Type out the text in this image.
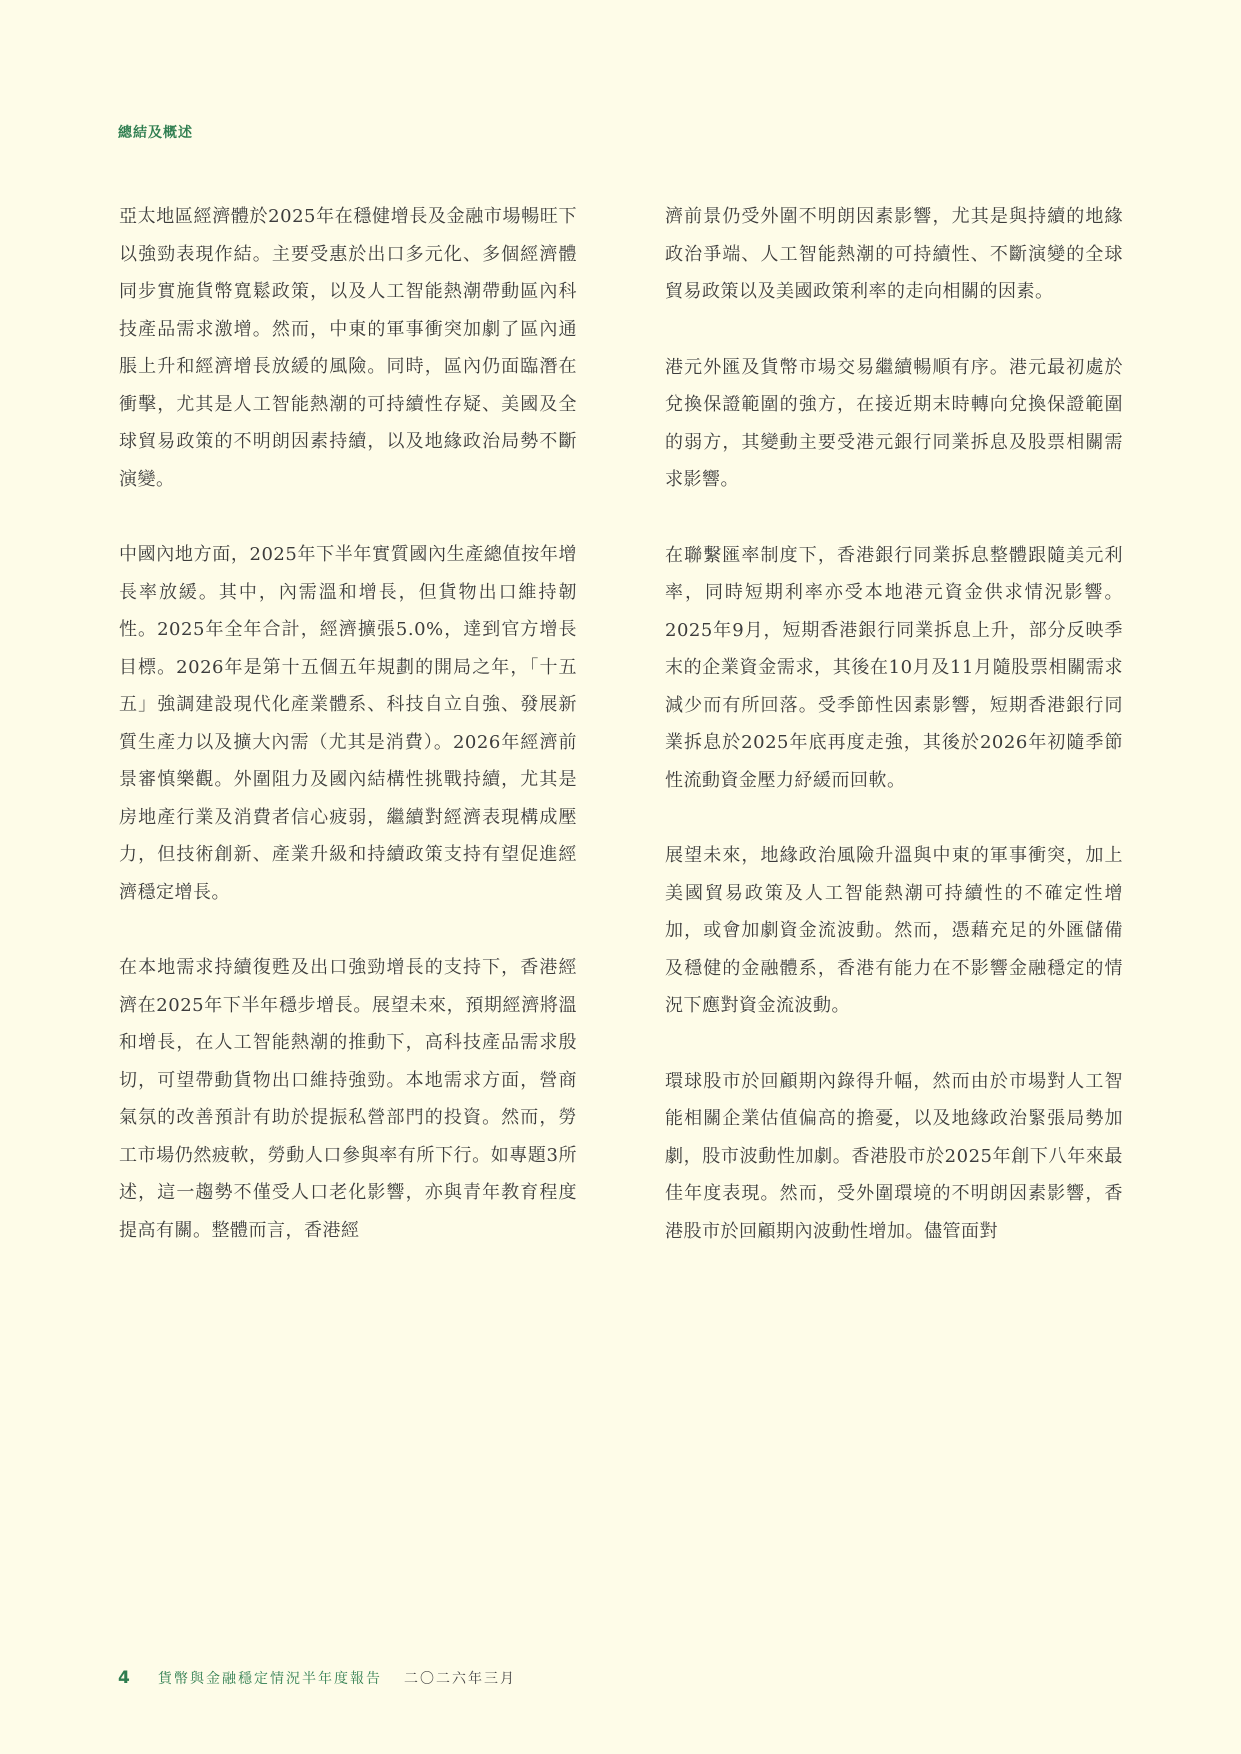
總結及概述

亞太地區經濟體於2025年在穩健增長及金融市場暢旺下以強勁表現作結。主要受惠於出口多元化、多個經濟體同步實施貨幣寬鬆政策，以及人工智能熱潮帶動區內科技產品需求激增。然而，中東的軍事衝突加劇了區內通脹上升和經濟增長放緩的風險。同時，區內仍面臨潛在衝擊，尤其是人工智能熱潮的可持續性存疑、美國及全球貿易政策的不明朗因素持續，以及地緣政治局勢不斷演變。

中國內地方面，2025年下半年實質國內生產總值按年增長率放緩。其中，內需溫和增長，但貨物出口維持韌性。2025年全年合計，經濟擴張5.0%，達到官方增長目標。2026年是第十五個五年規劃的開局之年，「十五五」強調建設現代化產業體系、科技自立自強、發展新質生產力以及擴大內需（尤其是消費）。2026年經濟前景審慎樂觀。外圍阻力及國內結構性挑戰持續，尤其是房地產行業及消費者信心疲弱，繼續對經濟表現構成壓力，但技術創新、產業升級和持續政策支持有望促進經濟穩定增長。

在本地需求持續復甦及出口強勁增長的支持下，香港經濟在2025年下半年穩步增長。展望未來，預期經濟將溫和增長，在人工智能熱潮的推動下，高科技產品需求殷切，可望帶動貨物出口維持強勁。本地需求方面，營商氣氛的改善預計有助於提振私營部門的投資。然而，勞工市場仍然疲軟，勞動人口參與率有所下行。如專題3所述，這一趨勢不僅受人口老化影響，亦與青年教育程度提高有關。整體而言，香港經

濟前景仍受外圍不明朗因素影響，尤其是與持續的地緣政治爭端、人工智能熱潮的可持續性、不斷演變的全球貿易政策以及美國政策利率的走向相關的因素。

港元外匯及貨幣市場交易繼續暢順有序。港元最初處於兌換保證範圍的強方，在接近期末時轉向兌換保證範圍的弱方，其變動主要受港元銀行同業拆息及股票相關需求影響。

在聯繫匯率制度下，香港銀行同業拆息整體跟隨美元利率，同時短期利率亦受本地港元資金供求情況影響。2025年9月，短期香港銀行同業拆息上升，部分反映季末的企業資金需求，其後在10月及11月隨股票相關需求減少而有所回落。受季節性因素影響，短期香港銀行同業拆息於2025年底再度走強，其後於2026年初隨季節性流動資金壓力紓緩而回軟。

展望未來，地緣政治風險升溫與中東的軍事衝突，加上美國貿易政策及人工智能熱潮可持續性的不確定性增加，或會加劇資金流波動。然而，憑藉充足的外匯儲備及穩健的金融體系，香港有能力在不影響金融穩定的情況下應對資金流波動。

環球股市於回顧期內錄得升幅，然而由於市場對人工智能相關企業估值偏高的擔憂，以及地緣政治緊張局勢加劇，股市波動性加劇。香港股市於2025年創下八年來最佳年度表現。然而，受外圍環境的不明朗因素影響，香港股市於回顧期內波動性增加。儘管面對

4	貨幣與金融穩定情況半年度報告 二〇二六年三月
